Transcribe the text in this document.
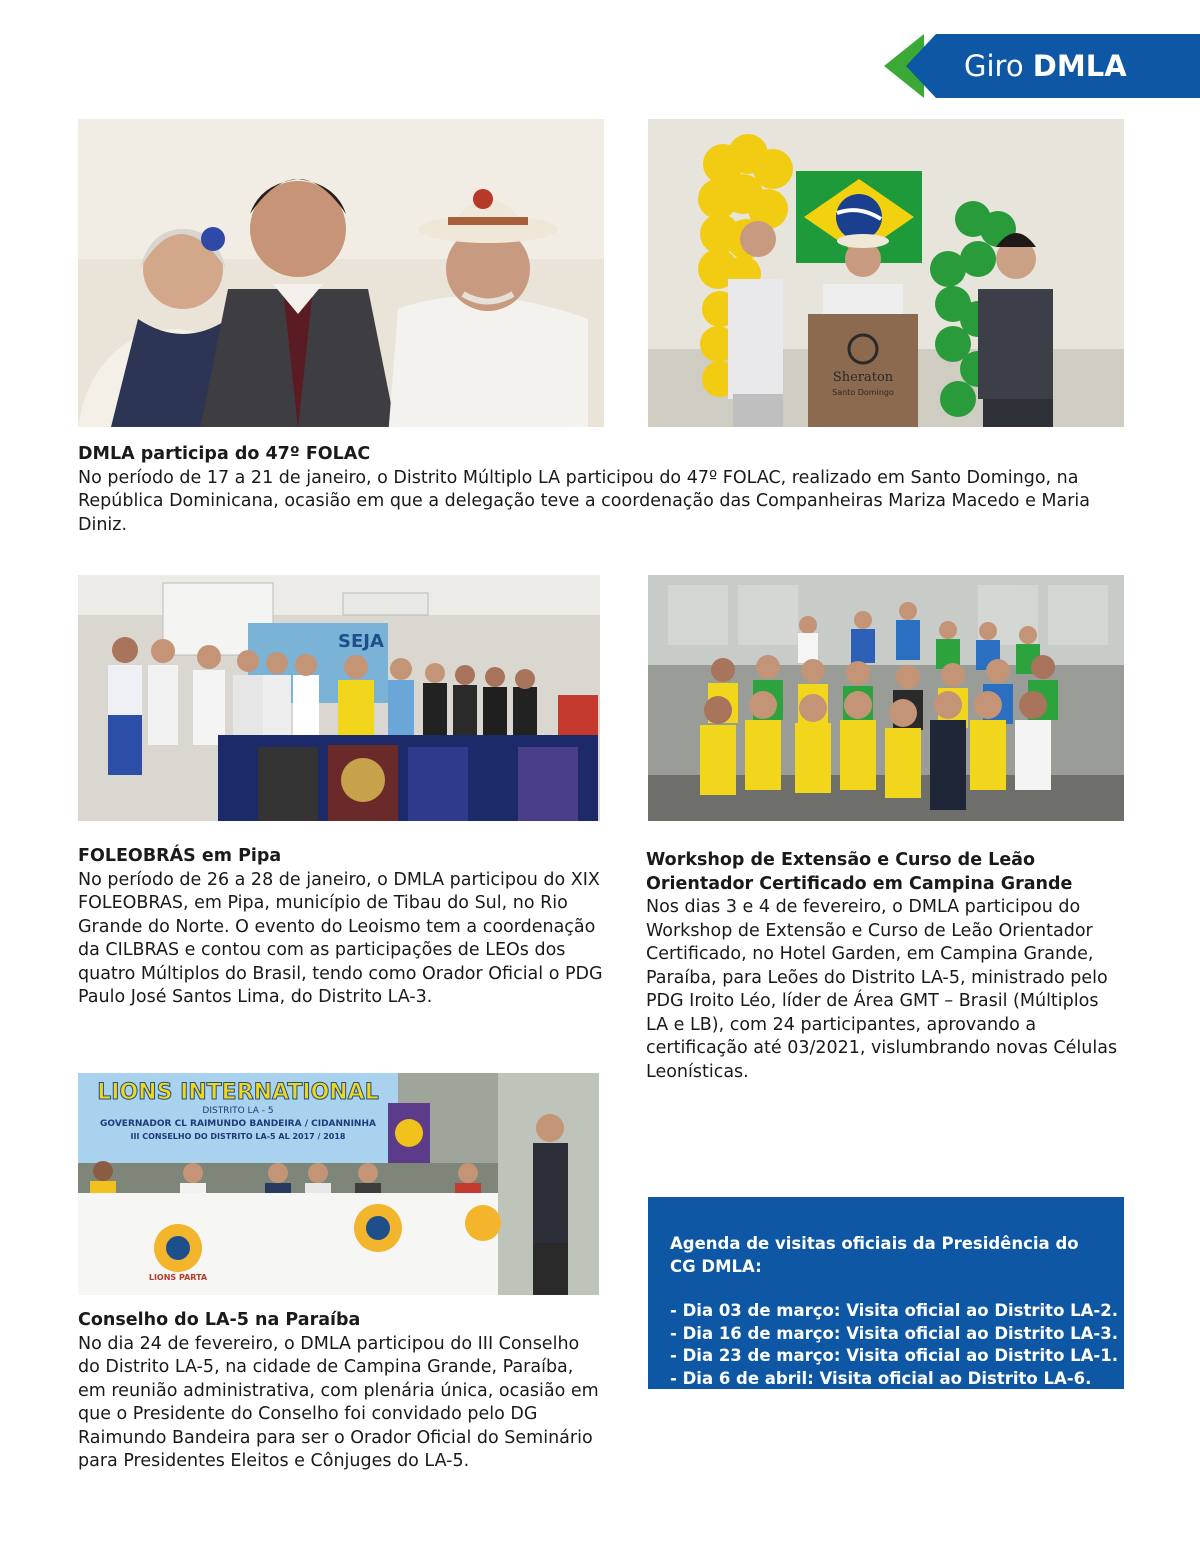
Giro DMLA
Sheraton
Santo Domingo
DMLA participa do 47º FOLAC
No período de 17 a 21 de janeiro, o Distrito Múltiplo LA participou do 47º FOLAC, realizado em Santo Domingo, na República Dominicana, ocasião em que a delegação teve a coordenação das Companheiras Mariza Macedo e Maria Diniz.
SEJA
FOLEOBRÁS em Pipa
No período de 26 a 28 de janeiro, o DMLA participou do XIX FOLEOBRAS, em Pipa, município de Tibau do Sul, no Rio Grande do Norte. O evento do Leoismo tem a coordenação da CILBRAS e contou com as participações de LEOs dos quatro Múltiplos do Brasil, tendo como Orador Oficial o PDG Paulo José Santos Lima, do Distrito LA-3.
Workshop de Extensão e Curso de Leão Orientador Certificado em Campina Grande
Nos dias 3 e 4 de fevereiro, o DMLA participou do Workshop de Extensão e Curso de Leão Orientador Certificado, no Hotel Garden, em Campina Grande, Paraíba, para Leões do Distrito LA-5, ministrado pelo PDG Iroito Léo, líder de Área GMT – Brasil (Múltiplos LA e LB), com 24 participantes, aprovando a certificação até 03/2021, vislumbrando novas Células Leonísticas.
LIONS INTERNATIONAL
DISTRITO LA - 5
GOVERNADOR CL RAIMUNDO BANDEIRA / CIDANNINHA
III CONSELHO DO DISTRITO LA-5 AL 2017 / 2018
LIONS PARTA
Conselho do LA-5 na Paraíba
No dia 24 de fevereiro, o DMLA participou do III Conselho do Distrito LA-5, na cidade de Campina Grande, Paraíba, em reunião administrativa, com plenária única, ocasião em que o Presidente do Conselho foi convidado pelo DG Raimundo Bandeira para ser o Orador Oficial do Seminário para Presidentes Eleitos e Cônjuges do LA-5.
Agenda de visitas oficiais da Presidência do CG DMLA:
- Dia 03 de março: Visita oficial ao Distrito LA-2.
- Dia 16 de março: Visita oficial ao Distrito LA-3.
- Dia 23 de março: Visita oficial ao Distrito LA-1.
- Dia 6 de abril: Visita oficial ao Distrito LA-6.
